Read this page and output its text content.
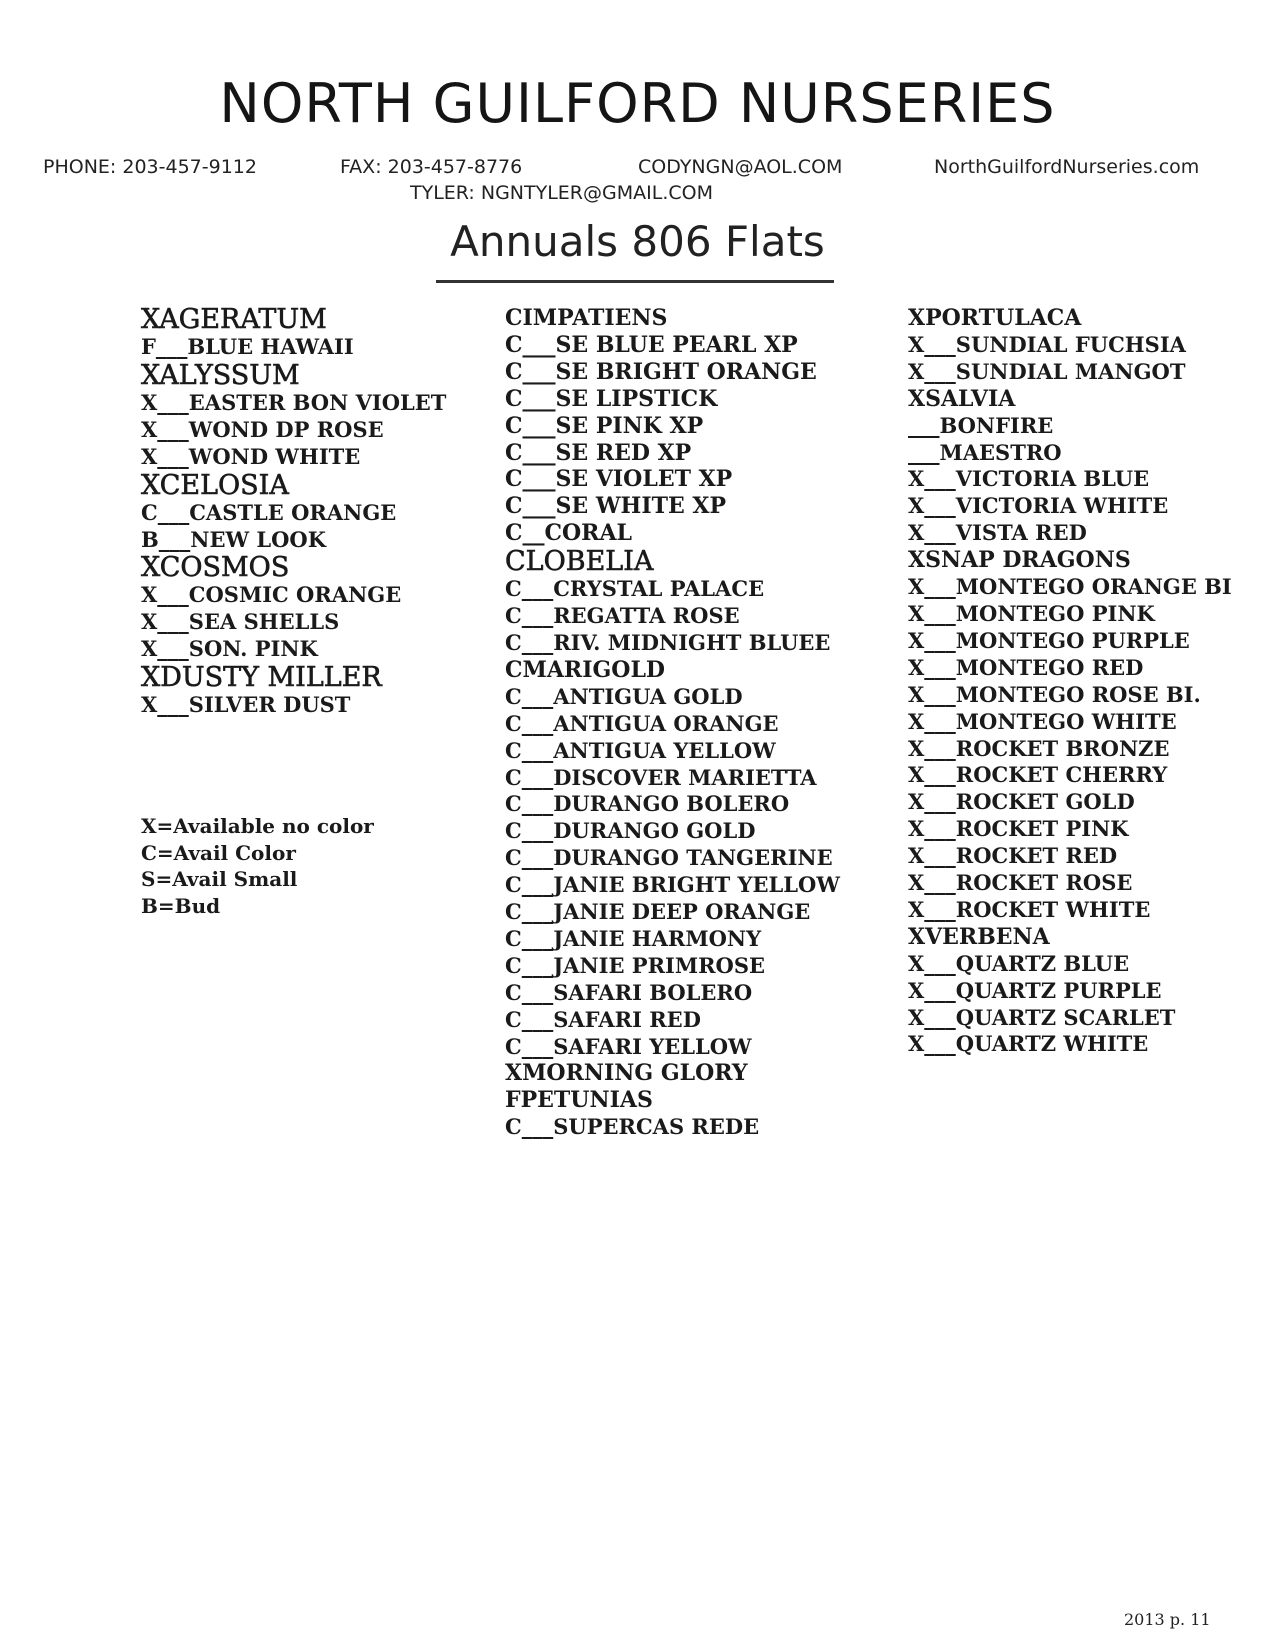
NORTH GUILFORD NURSERIES
PHONE: 203-457-9112	FAX: 203-457-8776	CODYNGN@AOL.COM	NorthGuilfordNurseries.com
TYLER: NGNTYLER@GMAIL.COM
Annuals 806 Flats
XAGERATUM
F___BLUE HAWAII
XALYSSUM
X___EASTER BON VIOLET
X___WOND DP ROSE
X___WOND WHITE
XCELOSIA
C___CASTLE ORANGE
B___NEW LOOK
XCOSMOS
X___COSMIC ORANGE
X___SEA SHELLS
X___SON. PINK
XDUSTY MILLER
X___SILVER DUST
CIMPATIENS
C___SE BLUE PEARL XP
C___SE BRIGHT ORANGE
C___SE LIPSTICK
C___SE PINK XP
C___SE RED XP
C___SE VIOLET XP
C___SE WHITE XP
C__CORAL
CLOBELIA
C___CRYSTAL PALACE
C___REGATTA ROSE
C___RIV. MIDNIGHT BLUEE
CMARIGOLD
C___ANTIGUA GOLD
C___ANTIGUA ORANGE
C___ANTIGUA YELLOW
C___DISCOVER MARIETTA
C___DURANGO BOLERO
C___DURANGO GOLD
C___DURANGO TANGERINE
C___JANIE BRIGHT YELLOW
C___JANIE DEEP ORANGE
C___JANIE HARMONY
C___JANIE PRIMROSE
C___SAFARI BOLERO
C___SAFARI RED
C___SAFARI YELLOW
XMORNING GLORY
FPETUNIAS
C___SUPERCAS REDE
XPORTULACA
X___SUNDIAL FUCHSIA
X___SUNDIAL MANGOT
XSALVIA
___BONFIRE
___MAESTRO
X___VICTORIA BLUE
X___VICTORIA WHITE
X___VISTA RED
XSNAP DRAGONS
X___MONTEGO ORANGE BI
X___MONTEGO PINK
X___MONTEGO PURPLE
X___MONTEGO RED
X___MONTEGO ROSE BI.
X___MONTEGO WHITE
X___ROCKET BRONZE
X___ROCKET CHERRY
X___ROCKET GOLD
X___ROCKET PINK
X___ROCKET RED
X___ROCKET ROSE
X___ROCKET WHITE
XVERBENA
X___QUARTZ BLUE
X___QUARTZ PURPLE
X___QUARTZ SCARLET
X___QUARTZ WHITE
X=Available no color
C=Avail Color
S=Avail Small
B=Bud
2013 p. 11
